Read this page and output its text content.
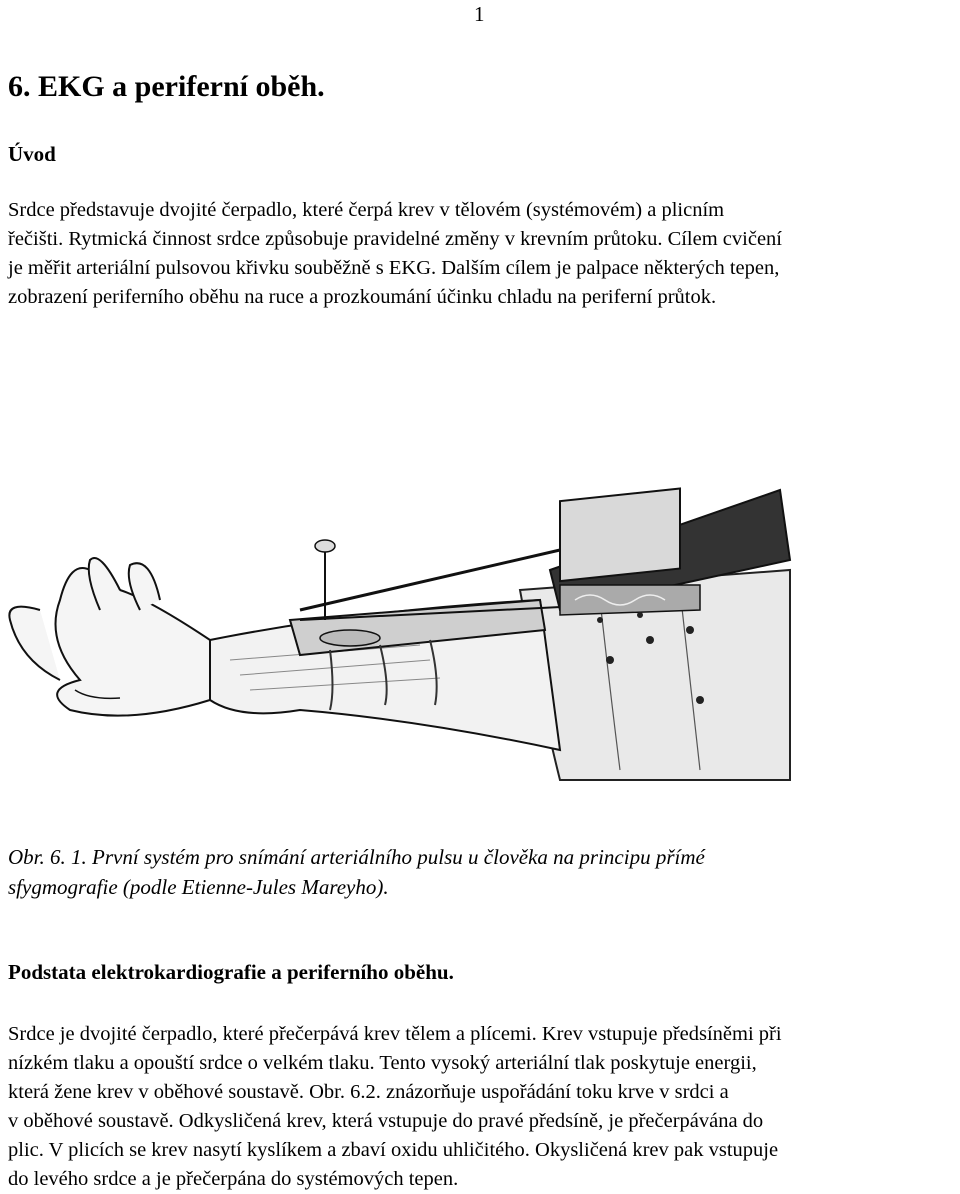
1
6. EKG a periferní oběh.
Úvod

Srdce představuje dvojité čerpadlo, které čerpá krev v tělovém (systémovém) a plicním
řečišti. Rytmická činnost srdce způsobuje pravidelné změny v krevním průtoku. Cílem cvičení
je měřit arteriální pulsovou křivku souběžně s EKG. Dalším cílem je palpace některých tepen,
zobrazení periferního oběhu na ruce a prozkoumání účinku chladu na periferní průtok.

Obr. 6. 1. První systém pro snímání arteriálního pulsu u člověka na principu přímé
sfygmografie (podle Etienne-Jules Mareyho).

Podstata elektrokardiografie a periferního oběhu.

Srdce je dvojité čerpadlo, které přečerpává krev tělem a plícemi. Krev vstupuje předsíněmi při
nízkém tlaku a opouští srdce o velkém tlaku. Tento vysoký arteriální tlak poskytuje energii,
která žene krev v oběhové soustavě. Obr. 6.2. znázorňuje uspořádání toku krve v srdci a
v oběhové soustavě. Odkysličená krev, která vstupuje do pravé předsíně, je přečerpávána do
plic. V plicích se krev nasytí kyslíkem a zbaví oxidu uhličitého. Okysličená krev pak vstupuje
do levého srdce a je přečerpána do systémových tepen.
